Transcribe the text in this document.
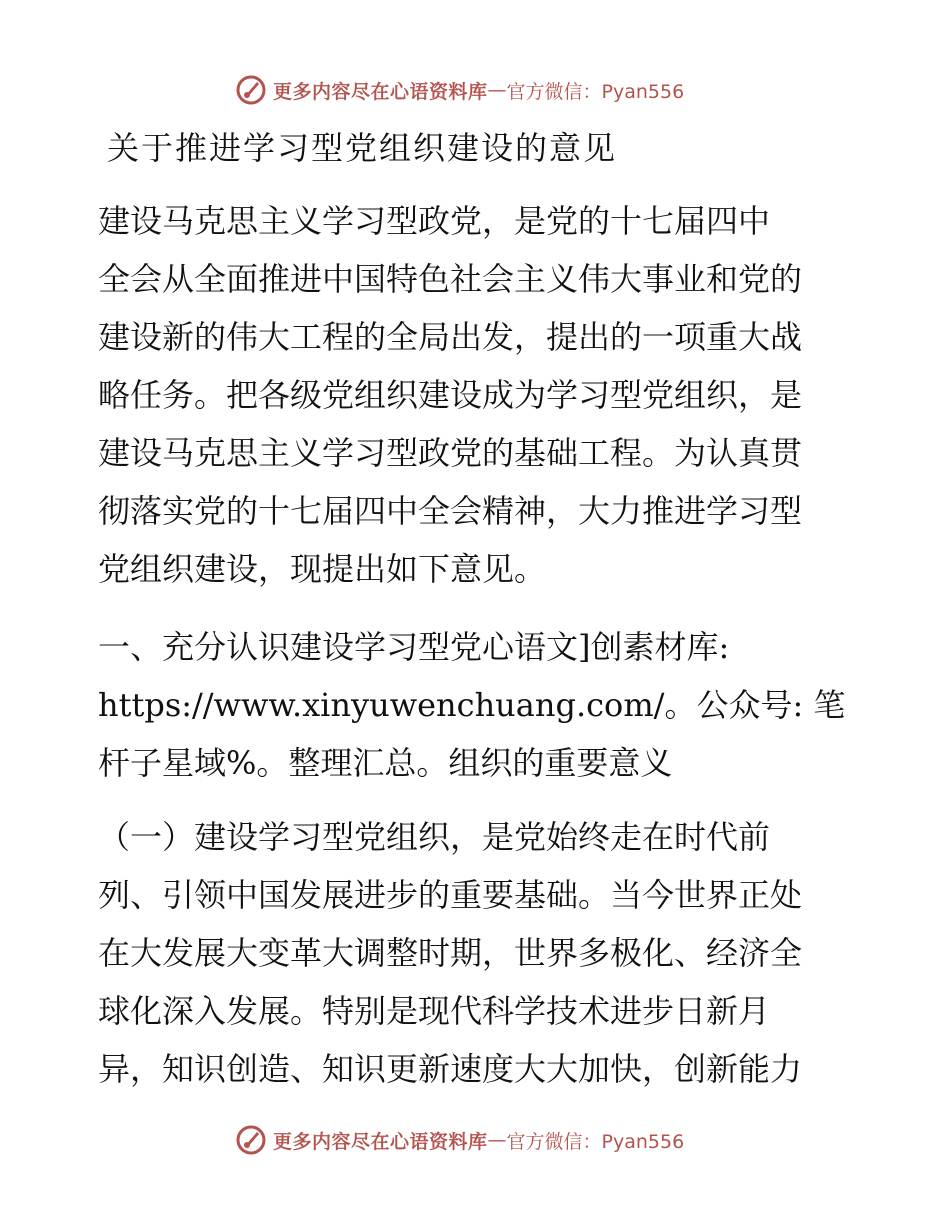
更多内容尽在心语资料库 — 官方微信：Pyan556
关于推进学习型党组织建设的意见

建设马克思主义学习型政党，是党的十七届四中
全会从全面推进中国特色社会主义伟大事业和党的
建设新的伟大工程的全局出发，提出的一项重大战
略任务。把各级党组织建设成为学习型党组织，是
建设马克思主义学习型政党的基础工程。为认真贯
彻落实党的十七届四中全会精神，大力推进学习型
党组织建设，现提出如下意见。

一、充分认识建设学习型党心语文]创素材库:
https://www.xinyuwenchuang.com/。公众号: 笔
杆子星域%。整理汇总。组织的重要意义

（一）建设学习型党组织，是党始终走在时代前
列、引领中国发展进步的重要基础。当今世界正处
在大发展大变革大调整时期，世界多极化、经济全
球化深入发展。特别是现代科学技术进步日新月
异，知识创造、知识更新速度大大加快，创新能力

更多内容尽在心语资料库 — 官方微信：Pyan556
